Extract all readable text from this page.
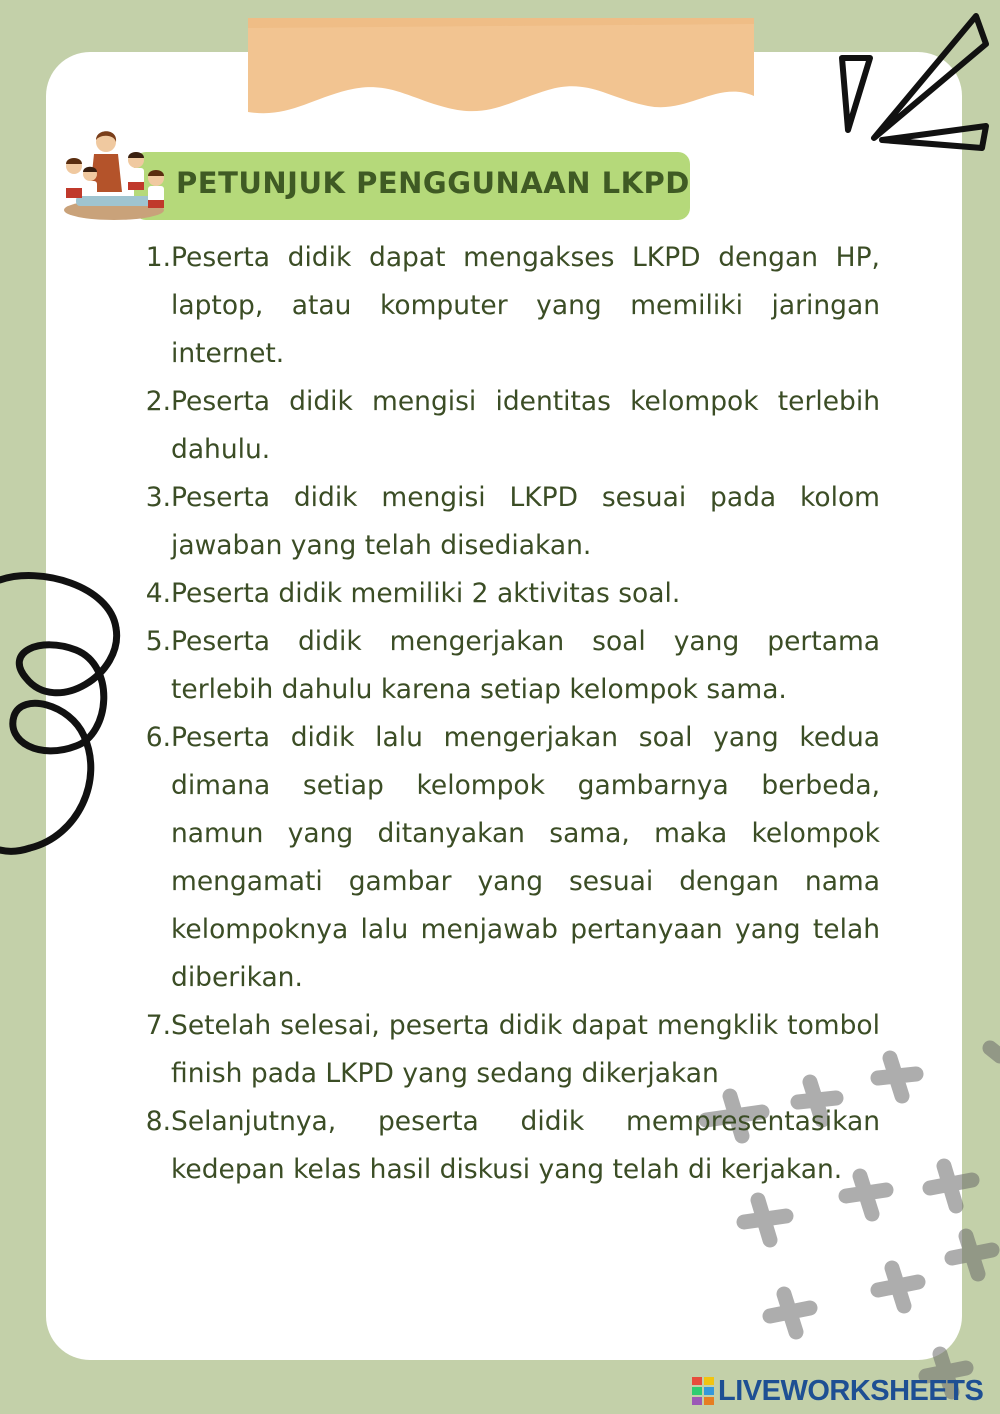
PETUNJUK PENGGUNAAN LKPD
1. Peserta didik dapat mengakses LKPD dengan HP, laptop, atau komputer yang memiliki jaringan internet.
2. Peserta didik mengisi identitas kelompok terlebih dahulu.
3. Peserta didik mengisi LKPD sesuai pada kolom jawaban yang telah disediakan.
4. Peserta didik memiliki 2 aktivitas soal.
5. Peserta didik mengerjakan soal yang pertama terlebih dahulu karena setiap kelompok sama.
6. Peserta didik lalu mengerjakan soal yang kedua dimana setiap kelompok gambarnya berbeda, namun yang ditanyakan sama, maka kelompok mengamati gambar yang sesuai dengan nama kelompoknya lalu menjawab pertanyaan yang telah diberikan.
7. Setelah selesai, peserta didik dapat mengklik tombol finish pada LKPD yang sedang dikerjakan
8. Selanjutnya, peserta didik mempresentasikan kedepan kelas hasil diskusi yang telah di kerjakan.
LIVEWORKSHEETS
